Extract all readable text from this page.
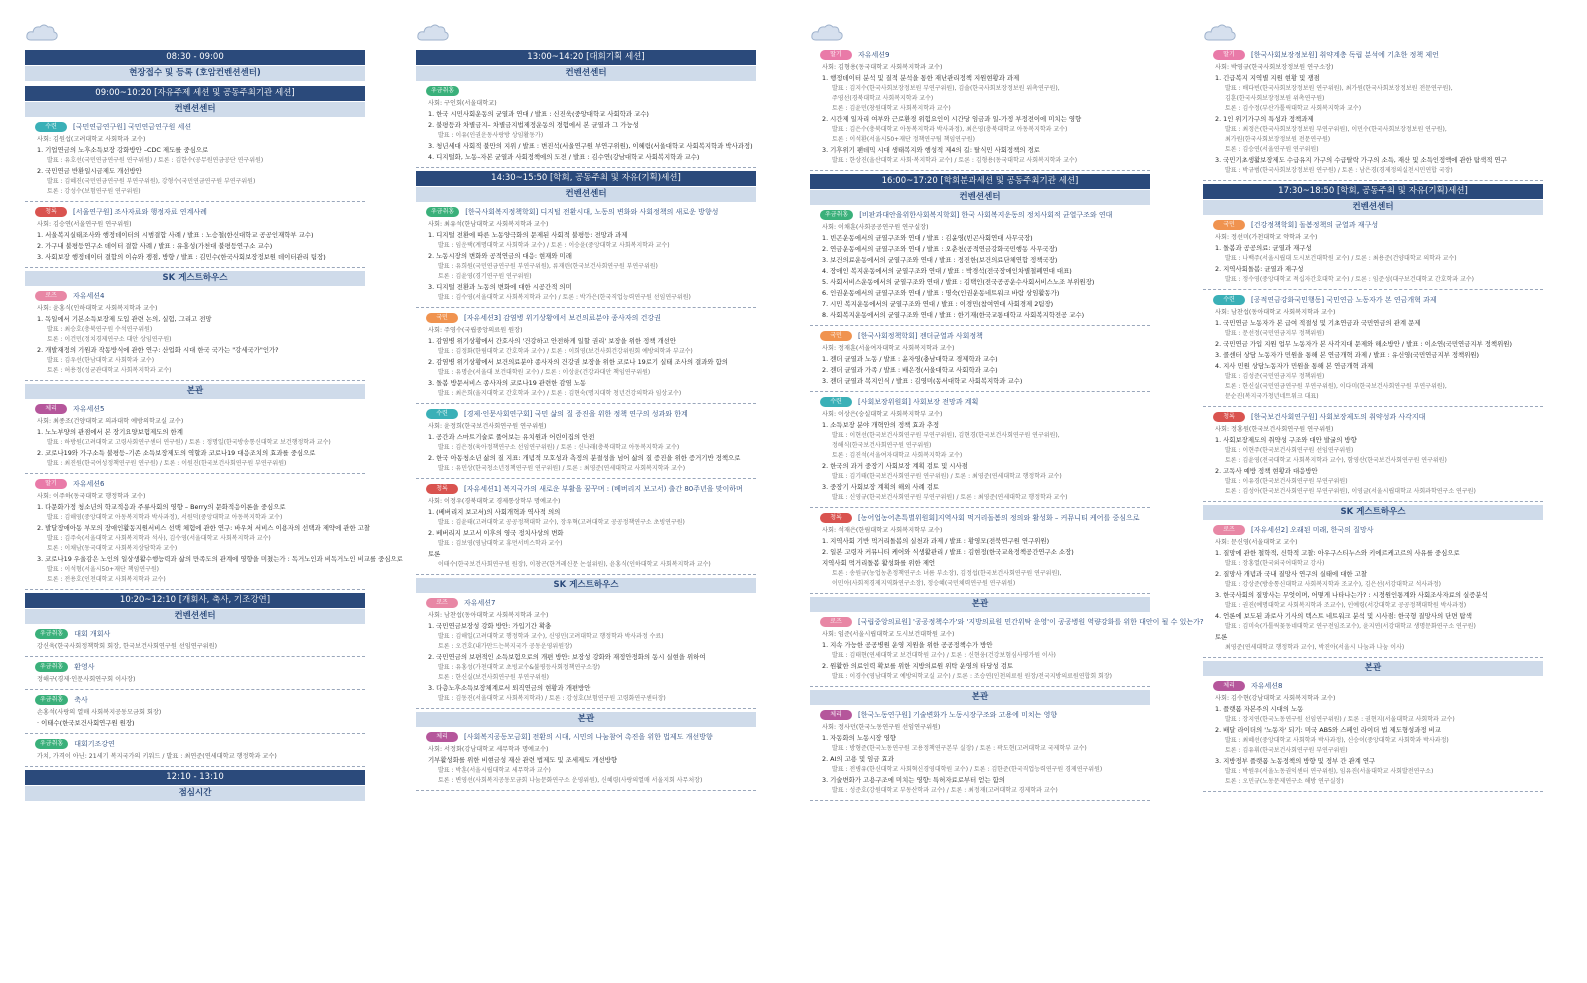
08:30 - 09:00
현장접수 및 등록 (호암컨벤션센터)
09:00~10:20 [자유주제 세션 및 공동주최기관 세션]
컨벤션센터
수련	[국민연금연구원] 국민연금연구원 세션
사회: 김원섭(고려대학교 사회학과 교수)
1. 기업연금의 노후소득보장 강화방안 –CDC 제도를 중심으로
발표 : 유호선(국민연금연구원 연구위원) / 토론 : 김한수(공무원연금공단 연구위원)
2. 국민연금 반환일시금제도 개선방안
발표 : 김혜진(국민연금연구원 부연구위원), 강형수(국민연금연구원 부연구위원)
토론 : 강성수(보험연구원 연구위원)
청록	[서울연구원] 조사자료와 행정자료 연계사례
사회: 김승연(서울연구원 연구위원)
1. 서울복지실태조사와 행정데이터의 시범결합 사례 / 발표 : 노승철(한신대학교 공공인재학부 교수)
2. 가구내 불평등연구소 데이터 결합 사례 / 발표 : 유홍성(가천대 불평등연구소 교수)
3. 사회보장 행정데이터 결합의 이슈와 쟁점, 방향 / 발표 : 김민수(한국사회보장정보원 데이터관리 팀장)
SK 게스트하우스
로즈	자유세션4
사회: 윤홍식(인하대학교 사회복지학과 교수)
1. 독일에서 기본소득보장제 도입 관련 논의, 실험, 그리고 전망
발표 : 최승호(충북연구원 수석연구위원)
토론 : 이건민(정치경제연구소 대안 상임연구원)
2. 개발재정의 기원과 작동방식에 관한 연구: 산업화 시대 한국 국가는 "강세국가"인가?
발표 : 김우선(한남대학교 사회학과 교수)
토론 : 허용정(성균관대학교 사회복지학과 교수)
본관
체리	자유세션5
사회: 최종조(건양대학교 의과대학 예방의학교실 교수)
1. 노노부양의 관점에서 본 장기요양보험제도의 한계
발표 : 하방원(고려대학교 고령사회연구센터 연구원) / 토론 : 정명일(한국방송통신대학교 보건행정학과 교수)
2. 코로나19와 가구소득 불평등–기존 소득보장제도의 역할과 코로나19 대응조치의 효과를 중심으로
발표 : 최진원(한국여성정책연구원 연구원) / 토론 : 이원진(한국보건사회연구원 부연구위원)
딸기	자유세션6
사회: 이주하(동국대학교 행정학과 교수)
1. 다문화가정 청소년의 학교적응과 주류사회의 영향 – Berry의 문화적응이론을 중심으로
발표 : 김해영(중앙대학교 아동복지학과 박사과정), 서원덕(중앙대학교 아동복지학과 교수)
2. 발달장애아동 부모의 장애인활동지원서비스 선택 체험에 관한 연구: 바우처 서비스 이용자의 선택과 제약에 관한 고찰
발표 : 김주숙(서울대학교 사회복지학과 석사), 김수영(서울대학교 사회복지학과 교수)
토론 : 이채남(동국대학교 사회복지상담학과 교수)
3. 코로나19 우울감은 노인의 일상생활수행능력과 삶의 만족도의 관계에 영향을 미쳤는가 : 독거노인과 비독거노인 비교를 중심으로
발표 : 이석형(서울시50+재단 책임연구원)
토론 : 전용호(인천대학교 사회복지학과 교수)
10:20~12:10 [개회사, 축사, 기조강연]
컨벤션센터
우금취홍	대회 개회사
강신욱(한국사회정책학회 회장, 한국보건사회연구원 선임연구위원)
우금취홍	환영사
정해구(경제·인문사회연구회 이사장)
우금취홍	축사
손홍석(사랑의 열매 사회복지공동모금회 회장)
· 이태수(한국보건사회연구원 원장)
우금취홍	대회기조강연
가치, 가격이 아닌: 21세기 복지국가의 키워드 / 발표 : 최연준(연세대학교 행정학과 교수)
12:10 - 13:10
점심시간
13:00~14:20 [대회기획 세션]
컨벤션센터
우금취홍
사회: 구인회(서울대학교)
1. 한국 시민사회운동의 균열과 연대 / 발표 : 신진욱(중앙대학교 사회학과 교수)
2. 불평등과 차별금지– 차별금지법제정운동의 경험에서 본 균열과 그 가능성
발표 : 이유(인권운동사랑방 상임활동가)
3. 청년세대 사회적 불만의 지위 / 발표 : 변진석(서울연구원 부연구위원), 이혜림(서울대학교 사회복지학과 박사과정)
4. 디지털화, 노동–자본 균열과 사회정책에의 도전 / 발표 : 김수연(강남대학교 사회복지학과 교수)
14:30~15:50 [학회, 공동주최 및 자유(기획)세션]
컨벤션센터
우금취홍	[한국사회복지정책학회] 디지털 전환시대, 노동의 변화와 사회정책의 새로운 방향성
사회: 최유석(한남대학교 사회복지학과 교수)
1. 디지털 전환에 따른 노동양극화의 문제된 사회적 불평등: 전망과 과제
발표 : 임운택(계명대학교 사회학과 교수) / 토론 : 이승윤(중앙대학교 사회복지학과 교수)
2. 노동시장의 변화와 공적연금의 대응: 현재와 미래
발표 : 유희원(국민연금연구원 부연구위원), 류재린(한국보건사회연구원 부연구위원)
토론 : 김윤영(경기연구원 연구위원)
3. 디지털 전환과 노동의 변화에 대한 시공간적 의미
발표 : 김수영(서울대학교 사회복지학과 교수) / 토론 : 박가은(한국직업능력연구원 선임연구위원)
국민	[자유세션3] 감염병 위기상황에서 보건의료분야 종사자의 건강권
사회: 주영수(국립중앙의료원 원장)
1. 감염병 위기상황에서 간호사의 '건강하고 안전하게 일할 권리' 보장을 위한 정책 개선안
발표 : 김정화(한림대학교 간호학과 교수) / 토론 : 이희영(보건사회건강위원회 예방의학과 부교수)
2. 감염병 위기상황에서 보건의료분야 종사자의 건강권 보장을 위한 코로나 19로기 실태 조사의 결과와 함의
발표 : 유명순(서울대 보건대학원 교수) / 토론 : 이상윤(건강과대안 책임연구위원)
3. 돌봄 방문서비스 종사자의 코로나19 관련한 감염 노동
발표 : 최은희(울지대학교 간호학과 교수) / 토론 : 김현숙(명지대학 청년건강의학과 임상교수)
수련	[경제·인문사회연구회] 국민 삶의 질 증진을 위한 정책 연구의 성과와 한계
사회: 윤정희(한국보건사회연구원 연구위원)
1. 공간과 스마트기술로 풀어보는 유치원과 어린이집의 안전
발표 : 김은정(육아정책연구소 선임연구위원) / 토론 : 신나래(충북대학교 아동복지학과 교수)
2. 한국 아동청소년 삶의 질 지표: 개념적 모호성과 측정의 분절성을 넘어 삶의 질 증진을 위한 증거기반 정책으로
발표 : 유민상(한국청소년정책연구원 연구위원) / 토론 : 최영준(연세대학교 사회복지학과 교수)
청록	[자유세션1] 복지국가의 새로운 부활을 꿈꾸며 : (베버리지 보고서) 출간 80주년을 맞이하며
사회: 이정우(경북대학교 경제통상학부 명예교수)
1. (베버리지 보고서)의 사회개혁과 역사적 의의
발표 : 김윤태(고려대학교 공공정책대학 교수), 장우혁(고려대학교 공공정책연구소 초빙연구원)
2. 베버리지 보고서 이후의 영국 정치사상의 변화
발표 : 김보영(영남대학교 휴먼서비스학과 교수)
토론
이태수(한국보건사회연구원 원장), 이창곤(한겨레신문 논설위원), 윤홍식(인하대학교 사회복지학과 교수)
SK 게스트하우스
로즈	자유세션7
사회: 남찬섭(동아대학교 사회복지학과 교수)
1. 국민연금보장성 강화 방안: 가입기간 확충
발표 : 김해일(고려대학교 행정학과 교수), 신영민(고려대학교 행정학과 박사과정 수료)
토론 : 오건호(내가만드는복지국가 공동운영위원장)
2. 국민연금의 보편적인 소득보험으로의 개편 방안: 보장성 강화와 재정안정화의 동시 실현을 위하여
발표 : 유홍성(가천대학교 초빙교수&불평등사회정책연구소장)
토론 : 한신실(보건사회연구원 부연구위원)
3. 다층노후소득보장체계로서 퇴직연금의 현황과 개편방안
발표 : 김동진(서울대학교 사회복지학과) / 토론 : 강성호(보험연구원 고령화연구센터장)
본관
체리	[사회복지공동모금회] 전환의 시대, 시민의 나눔참여 촉진을 위한 법제도 개선방향
사회: 서정화(강남대학교 세무학과 명예교수)
기부활성화를 위한 비현금성 재산 관련 법제도 및 조세제도 개선방향
발표 : 박훈(서울시립대학교 세무학과 교수)
토론 : 변영선(사회복지공동모금회 나눔문화연구소 운영위원), 신혜령(사랑의열매 서울지회 사무처장)
딸기	자유세션9
사회: 김형용(동국대학교 사회복지학과 교수)
1. 행정데이터 분석 및 질적 분석을 통한 재난관리정책 지원현황과 과제
발표 : 김지수(한국사회보장정보원 부연구위원), 김솔(한국사회보장정보원 위촉연구원),
주영선(경북대학교 사회복지학과 교수)
토론 : 김윤민(창원대학교 사회복지학과 교수)
2. 시간제 일자리 여부와 근로환경 위험요인이 시간당 임금과 일-가정 부정전이에 미치는 영향
발표 : 김은수(충북대학교 아동복지학과 박사과정), 최은영(충북대학교 아동복지학과 교수)
토론 : 이석환(서울시50+재단 정책연구팀 책임연구원)
3. 기후위기 팬데믹 시대 생태복지와 행성적 제4의 길: 탈식민 사회정책의 경로
발표 : 한상진(울산대학교 사회·복지학과 교수) / 토론 : 김형용(동국대학교 사회복지학과 교수)
16:00~17:20 [학회분과세션 및 공동주최기관 세션]
컨벤션센터
우금취홍	[비판과대안을위한사회복지학회] 한국 사회복지운동의 정치사회적 균열구조와 연대
사회: 이채훈(사회공공연구원 연구실장)
1. 빈곤운동에서의 균열구조와 연대 / 발표 : 김윤영(빈곤사회연대 사무국장)
2. 연금운동에서의 균열구조와 연대 / 발표 : 오춘천(공적연금강화국민행동 사무국장)
3. 보건의료운동에서의 균열구조와 연대 / 발표 : 정진한(보건의료단체연합 정책국장)
4. 장애인 복지운동에서의 균열구조와 연대 / 발표 : 박경석(전국장애인차별철폐연대 대표)
5. 사회서비스운동에서의 균열구조와 연대 / 발표 : 김택인(전국공공운수사회서비스노조 부위원장)
6. 인권운동에서의 균열구조와 연대 / 발표 : 명숙(인권운동네트워크 바람 상임활동가)
7. 시민 복지운동에서의 균열구조와 연대 / 발표 : 이경민(참여연대 사회경제 2팀장)
8. 사회복지운동에서의 균열구조와 연대 / 발표 : 한기재(한국교통대학교 사회복지학전공 교수)
국민	[한국사회정책학회] 젠더균열과 사회정책
사회: 정재훈(서울여자대학교 사회복지학과 교수)
1. 젠더 균열과 노동 / 발표 : 윤자영(충남대학교 경제학과 교수)
2. 젠더 균열과 가족 / 발표 : 배은경(서울대학교 사회학과 교수)
3. 젠더 균열과 복지인식 / 발표 : 김영미(동서대학교 사회복지학과 교수)
수련	[사회보장위원회] 사회보장 전망과 계획
사회: 이상은(숭실대학교 사회복지학부 교수)
1. 소득보장 분야 개혁안의 정책 효과 추정
발표 : 이현선(한국보건사회연구원 부연구위원), 김현경(한국보건사회연구원 연구위원),
정해식(한국보건사회연구원 연구위원)
토론 : 김진석(서울여자대학교 사회복지학과 교수)
2. 한국의 과거 중장기 사회보장 계획 검토 및 시사점
발표 : 김기태(한국보건사회연구원 연구위원) / 토론 : 최영준(연세대학교 행정학과 교수)
3. 중장기 사회보장 계획의 해외 사례 검토
발표 : 신영규(한국보건사회연구원 부연구위원) / 토론 : 최영준(연세대학교 행정학과 교수)
청록	[농어업농어촌특별위원회]지역사회 먹거리돌봄의 정의와 활성화 – 커뮤니티 케어를 중심으로
사회: 석재은(한림대학교 사회복지학부 교수)
1. 지역사회 기반 먹거리돌봄의 실천과 과제 / 발표 : 황영모(전북연구원 연구위원)
2. 일본 고령자 커뮤니티 케어와 식생활관리 / 발표 : 김현정(한국교육정책공간연구소 소장)
지역사회 먹거리돌봄 활성화를 위한 제언
토론 : 송원규(농업농촌정책연구소 녀름 부소장), 김정섭(한국보건사회연구원 연구위원),
이민아(사회적경제지역화연구소장), 정승혜(국민체력연구원 연구위원)
본관
로즈	[국립중앙의료원] '공공정책수가'와 '지방의료원 민간위탁 운영'이 공공병원 역량강화를 위한 대안이 될 수 있는가?
사회: 임준(서울시립대학교 도시보건대학원 교수)
1. 지속 가능한 공공병원 운영 지원을 위한 공공정책수가 방안
발표 : 김태현(연세대학교 보건대학원 교수) / 토론 : 신현웅(건강보험심사평가원 이사)
2. 원활한 의료인력 확보를 위한 지방의료원 위탁 운영의 타당성 검토
발표 : 이경수(영남대학교 예방의학교실 교수) / 토론 : 조승연(인천의료원 원장/전국지방의료원연합회 회장)
본관
체리	[한국노동연구원] 기술변화가 노동시장구조와 고용에 미치는 영향
사회: 정사던(한국노동연구원 선임연구위원)
1. 자동화의 노동시장 영향
발표 : 방형준(한국노동연구원 고용정책연구본부 실장) / 토론 : 곽도현(고려대학교 국제학부 교수)
2. AI의 고용 및 임금 효과
발표 : 전병유(한신대학교 사회혁신경영대학원 교수) / 토론 : 김한준(한국직업능력연구원 경제연구위원)
3. 기술변화가 고용구조에 미치는 영향: 특허자료로부터 얻는 함의
발표 : 성준호(강원대학교 부동산학과 교수) / 토론 : 최정재(고려대학교 경제학과 교수)
딸기	[한국사회보장정보원] 취약계층 독립 분석에 기초한 정책 제언
사회: 박영규(한국사회보장정보원 연구소장)
1. 긴급복지 지역별 지원 현황 및 쟁점
발표 : 배다빈(한국사회보장정보원 연구위원), 최가원(한국사회보장정보원 전문연구원),
김훈(한국사회보장정보원 위촉연구원)
토론 : 김수정(부산가톨릭대학교 사회복지학과 교수)
2. 1인 위기가구의 특성과 정책과제
발표 : 최정은(한국사회보장정보원 부연구위원), 이민수(한국사회보장정보원 연구원),
최가원(한국사회보장정보원 전문연구원)
토론 : 김승연(서울연구원 연구위원)
3. 국민기초생활보장제도 수급유지 가구의 수급탈락 가구의 소득, 재산 및 소득인정액에 관한 탐색적 연구
발표 : 박규범(한국사회보장정보원 연구원) / 토론 : 남은경(경제정의실천시민연합 국장)
17:30~18:50 [학회, 공동주최 및 자유(기획)세션]
컨벤션센터
국민	[건강정책학회] 돌봄정책의 균열과 재구성
사회: 정선미(가천대학교 약학과 교수)
1. 돌봄과 공공의료: 균열과 재구성
발표 : 나백주(서울시립대 도시보건대학원 교수) / 토론 : 최용준(건양대학교 의학과 교수)
2. 지역사회돌봄: 균열과 재구성
발표 : 정수영(중앙대학교 적십자간호대학 교수) / 토론 : 임준성(대구보건대학교 간호학과 교수)
수련	[공적연금강화국민행동] 국민연금 노동자가 본 연금개혁 과제
사회: 남찬섭(동아대학교 사회복지학과 교수)
1. 국민연금 노동자가 본 급여 적절성 및 기초연금과 국민연금의 관계 문제
발표 : 문선정(국민연금지부 정책위원)
2. 국민연금 가입 지원 업무 노동자가 본 사각지대 문제와 해소방안 / 발표 : 이소연(국민연금지부 정책위원)
3. 콜센터 상담 노동자가 민원을 통해 본 연금개혁 과제 / 발표 : 유신영(국민연금지부 정책위원)
4. 지사 민원 상담노동자가 민원을 통해 본 연금개혁 과제
발표 : 김성준(국민연금지부 정책위원)
토론 : 한신실(국민연금연구원 부연구위원), 이다미(한국보건사회연구원 부연구위원),
문순진(복지국가청년네트워크 대표)
청록	[한국보건사회연구원] 사회보장제도의 취약성과 사각지대
사회: 정홍원(한국보건사회연구원 연구위원)
1. 사회보장제도의 취약성 구조와 대안 발굴의 방향
발표 : 이현주(한국보건사회연구원 선임연구위원)
토론 : 김윤영(전국대학교 사회복지학과 교수), 함영산(한국보건사회연구원 연구위원)
2. 고독사 예방 정책 현황과 대응방안
발표 : 이유경(한국보건사회연구원 부연구위원)
토론 : 김성아(한국보건사회연구원 부연구위원), 이영글(서울시립대학교 사회과학연구소 연구원)
SK 게스트하우스
로즈	[자유세션2] 오래된 미래, 한국의 질망사
사회: 문신영(서울대학교 교수)
1. 질망에 관한 철학적, 신학적 고찰: 아우구스티누스와 키에르케고르의 사유를 중심으로
발표 : 장홍열(한국외국어대학교 강사)
2. 질망사 개념과 국내 질망사 연구의 실태에 대한 고찰
발표 : 강상준(방송통신대학교 사회복지학과 조교수), 김은선(서강대학교 석사과정)
3. 한국사회의 질망사는 무엇이며, 어떻게 나타나는가? : 시정원인통계와 사회조사자료의 실증분석
발표 : 권진(예명대학교 사회복지학과 조교수), 인예령(서강대학교 공공정책대학원 박사과정)
4. 언론에 보도된 과로사 기사의 텍스트 네트워크 분석 및 시사점: 한국형 질망사의 단면 탐색
발표 : 김미숙(가톨릭꽃동네대학교 연구전임조교수), 윤지연(서강대학교 생명문화연구소 연구원)
토론
최영준(연세대학교 행정학과 교수), 박진아(서울시 나눔과 나눔 이사)
본관
체리	자유세션8
사회: 김수현(강남대학교 사회복지학과 교수)
1. 플랫폼 자본주의 시대의 노동
발표 : 장지연(한국노동연구원 선임연구위원) / 토론 : 권현지(서울대학교 사회학과 교수)
2. 배달 라이더의 '노동자' 되기: 미국 AB5와 스페인 라이더 법 제도형성과정 비교
발표 : 최혜선(중앙대학교 사회학과 박사과정), 신승이(중앙대학교 사회학과 박사과정)
토론 : 김유휘(한국보건사회연구원 부연구위원)
3. 지방정부 플랫폼 노동정책의 방향 및 정부 간 관계 연구
발표 : 박원우(서울노동권익센터 연구위원), 임유진(서울대학교 사회발전연구소)
토론 : 오민규(노동문제연구소 해방 연구실장)
